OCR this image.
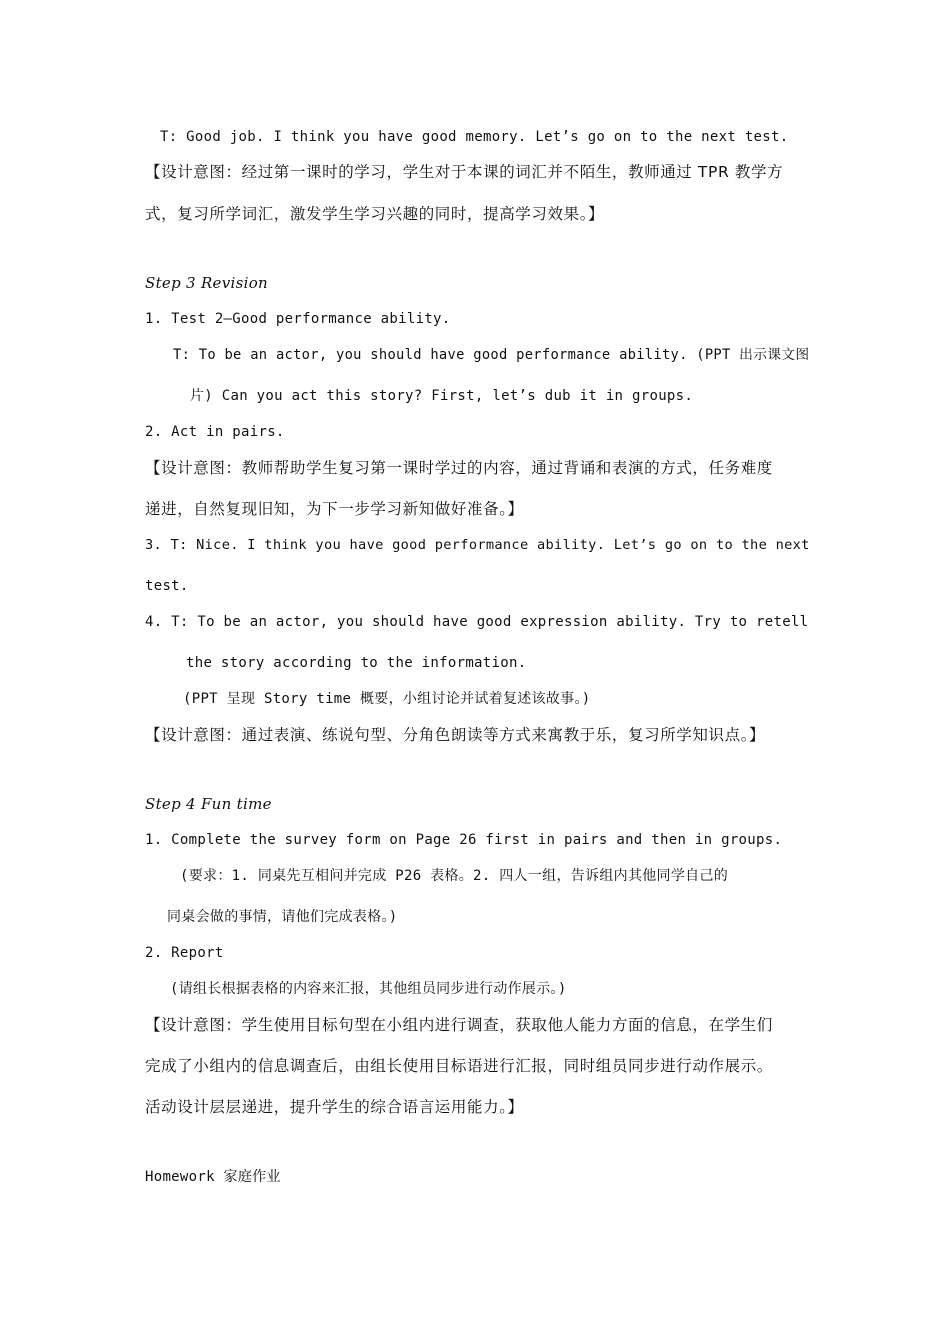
T: Good job. I think you have good memory. Let’s go on to the next test.
【设计意图：经过第一课时的学习，学生对于本课的词汇并不陌生，教师通过 TPR 教学方
式，复习所学词汇，激发学生学习兴趣的同时，提高学习效果。】
Step 3 Revision
1. Test 2—Good performance ability.
T: To be an actor, you should have good performance ability. (PPT 出示课文图
片) Can you act this story? First, let’s dub it in groups.
2. Act in pairs.
【设计意图：教师帮助学生复习第一课时学过的内容，通过背诵和表演的方式，任务难度
递进，自然复现旧知，为下一步学习新知做好准备。】
3. T: Nice. I think you have good performance ability. Let’s go on to the next
test.
4. T: To be an actor, you should have good expression ability. Try to retell
the story according to the information.
(PPT 呈现 Story time 概要，小组讨论并试着复述该故事。)
【设计意图：通过表演、练说句型、分角色朗读等方式来寓教于乐，复习所学知识点。】
Step 4 Fun time
1. Complete the survey form on Page 26 first in pairs and then in groups.
(要求：1. 同桌先互相问并完成 P26 表格。2. 四人一组，告诉组内其他同学自己的
同桌会做的事情，请他们完成表格。)
2. Report
(请组长根据表格的内容来汇报，其他组员同步进行动作展示。)
【设计意图：学生使用目标句型在小组内进行调查，获取他人能力方面的信息，在学生们
完成了小组内的信息调查后，由组长使用目标语进行汇报，同时组员同步进行动作展示。
活动设计层层递进，提升学生的综合语言运用能力。】
Homework 家庭作业
